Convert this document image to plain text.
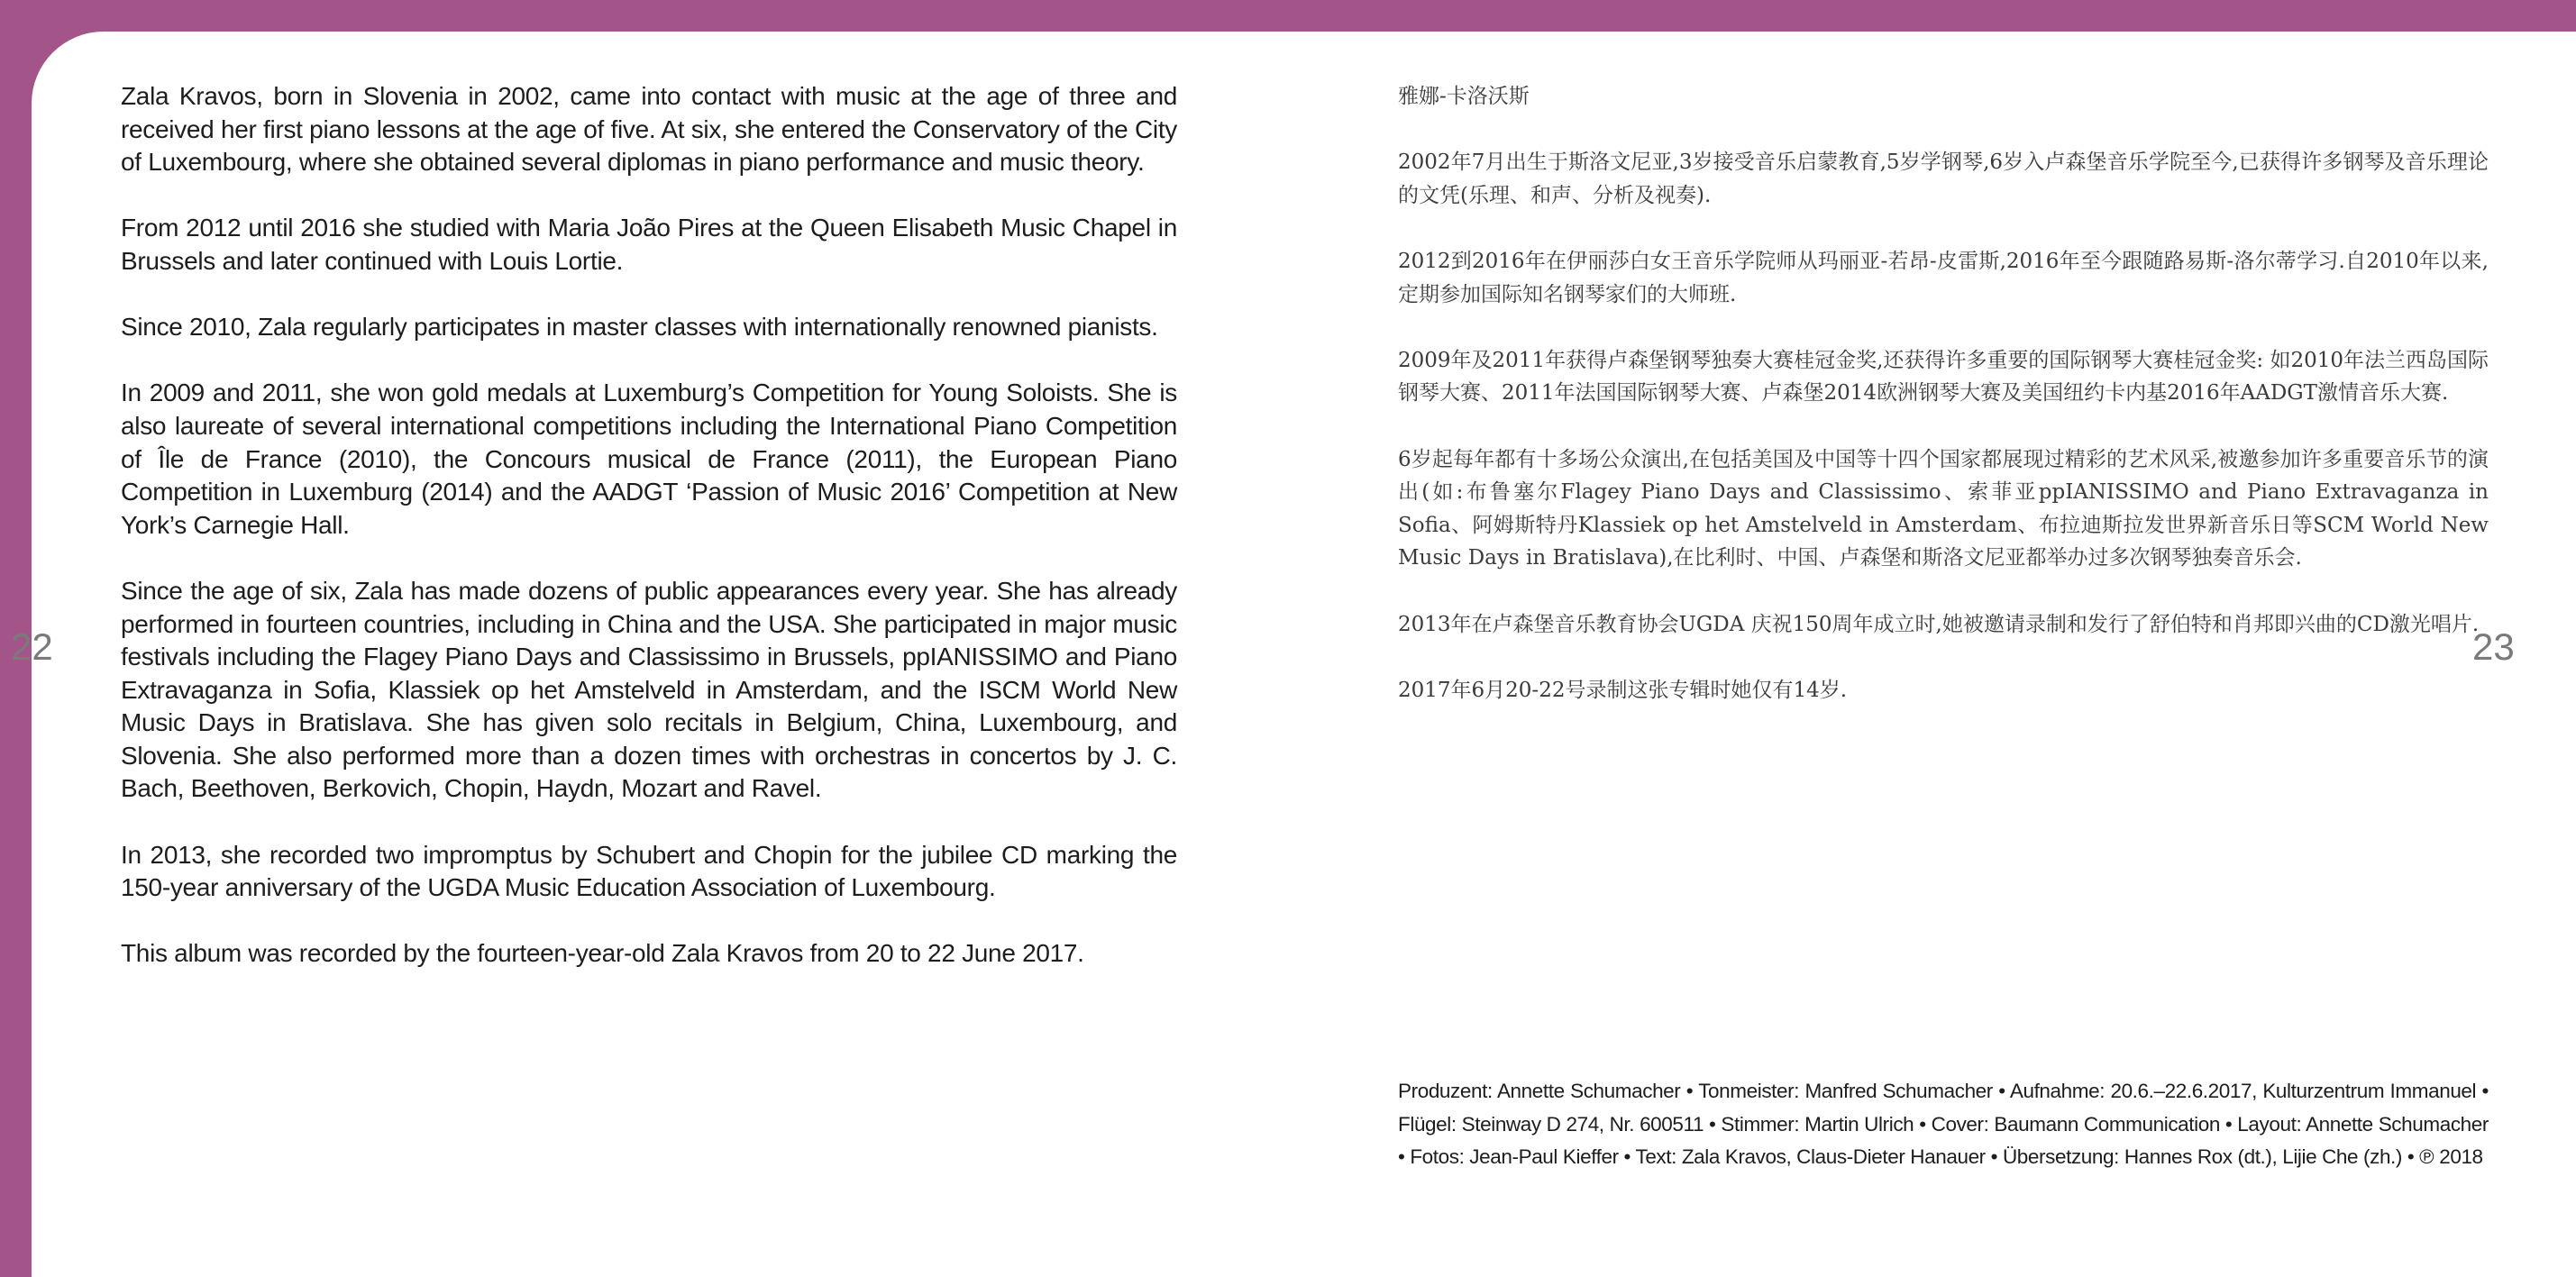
Zala Kravos, born in Slovenia in 2002, came into contact with music at the age of three and received her first piano lessons at the age of five. At six, she entered the Conservatory of the City of Luxembourg, where she obtained several diplomas in piano performance and music theory.

From 2012 until 2016 she studied with Maria João Pires at the Queen Elisabeth Music Chapel in Brussels and later continued with Louis Lortie.

Since 2010, Zala regularly participates in master classes with internationally renowned pianists.

In 2009 and 2011, she won gold medals at Luxemburg’s Competition for Young Soloists. She is also laureate of several international competitions including the International Piano Competition of Île de France (2010), the Concours musical de France (2011), the European Piano Competition in Luxemburg (2014) and the AADGT ‘Passion of Music 2016’ Competition at New York’s Carnegie Hall.

Since the age of six, Zala has made dozens of public appearances every year. She has already performed in fourteen countries, including in China and the USA. She participated in major music festivals including the Flagey Piano Days and Classissimo in Brussels, ppIANISSIMO and Piano Extravaganza in Sofia, Klassiek op het Amstelveld in Amsterdam, and the ISCM World New Music Days in Bratislava. She has given solo recitals in Belgium, China, Luxembourg, and Slovenia. She also performed more than a dozen times with orchestras in concertos by J. C. Bach, Beethoven, Berkovich, Chopin, Haydn, Mozart and Ravel.

In 2013, she recorded two impromptus by Schubert and Chopin for the jubilee CD marking the 150-year anniversary of the UGDA Music Education Association of Luxembourg.

This album was recorded by the fourteen-year-old Zala Kravos from 20 to 22 June 2017.

雅娜-卡洛沃斯

2002年7月出生于斯洛文尼亚,3岁接受音乐启蒙教育,5岁学钢琴,6岁入卢森堡音乐学院至今,已获得许多钢琴及音乐理论的文凭(乐理、和声、分析及视奏).

2012到2016年在伊丽莎白女王音乐学院师从玛丽亚-若昂-皮雷斯,2016年至今跟随路易斯-洛尔蒂学习.自2010年以来,定期参加国际知名钢琴家们的大师班.

2009年及2011年获得卢森堡钢琴独奏大赛桂冠金奖,还获得许多重要的国际钢琴大赛桂冠金奖: 如2010年法兰西岛国际钢琴大赛、2011年法国国际钢琴大赛、卢森堡2014欧洲钢琴大赛及美国纽约卡内基2016年AADGT激情音乐大赛.

6岁起每年都有十多场公众演出,在包括美国及中国等十四个国家都展现过精彩的艺术风采,被邀参加许多重要音乐节的演出(如:布鲁塞尔Flagey Piano Days and Classissimo、索菲亚ppIANISSIMO and Piano Extravaganza in Sofia、阿姆斯特丹Klassiek op het Amstelveld in Amsterdam、布拉迪斯拉发世界新音乐日等SCM World New Music Days in Bratislava),在比利时、中国、卢森堡和斯洛文尼亚都举办过多次钢琴独奏音乐会.

2013年在卢森堡音乐教育协会UGDA 庆祝150周年成立时,她被邀请录制和发行了舒伯特和肖邦即兴曲的CD激光唱片.

2017年6月20-22号录制这张专辑时她仅有14岁.

Produzent: Annette Schumacher • Tonmeister: Manfred Schumacher • Aufnahme: 20.6.–22.6.2017, Kulturzentrum Immanuel • Flügel: Steinway D 274, Nr. 600511 • Stimmer: Martin Ulrich • Cover: Baumann Communication • Layout: Annette Schumacher • Fotos: Jean-Paul Kieffer • Text: Zala Kravos, Claus-Dieter Hanauer • Übersetzung: Hannes Rox (dt.), Lijie Che (zh.) • ℗ 2018
22	23
